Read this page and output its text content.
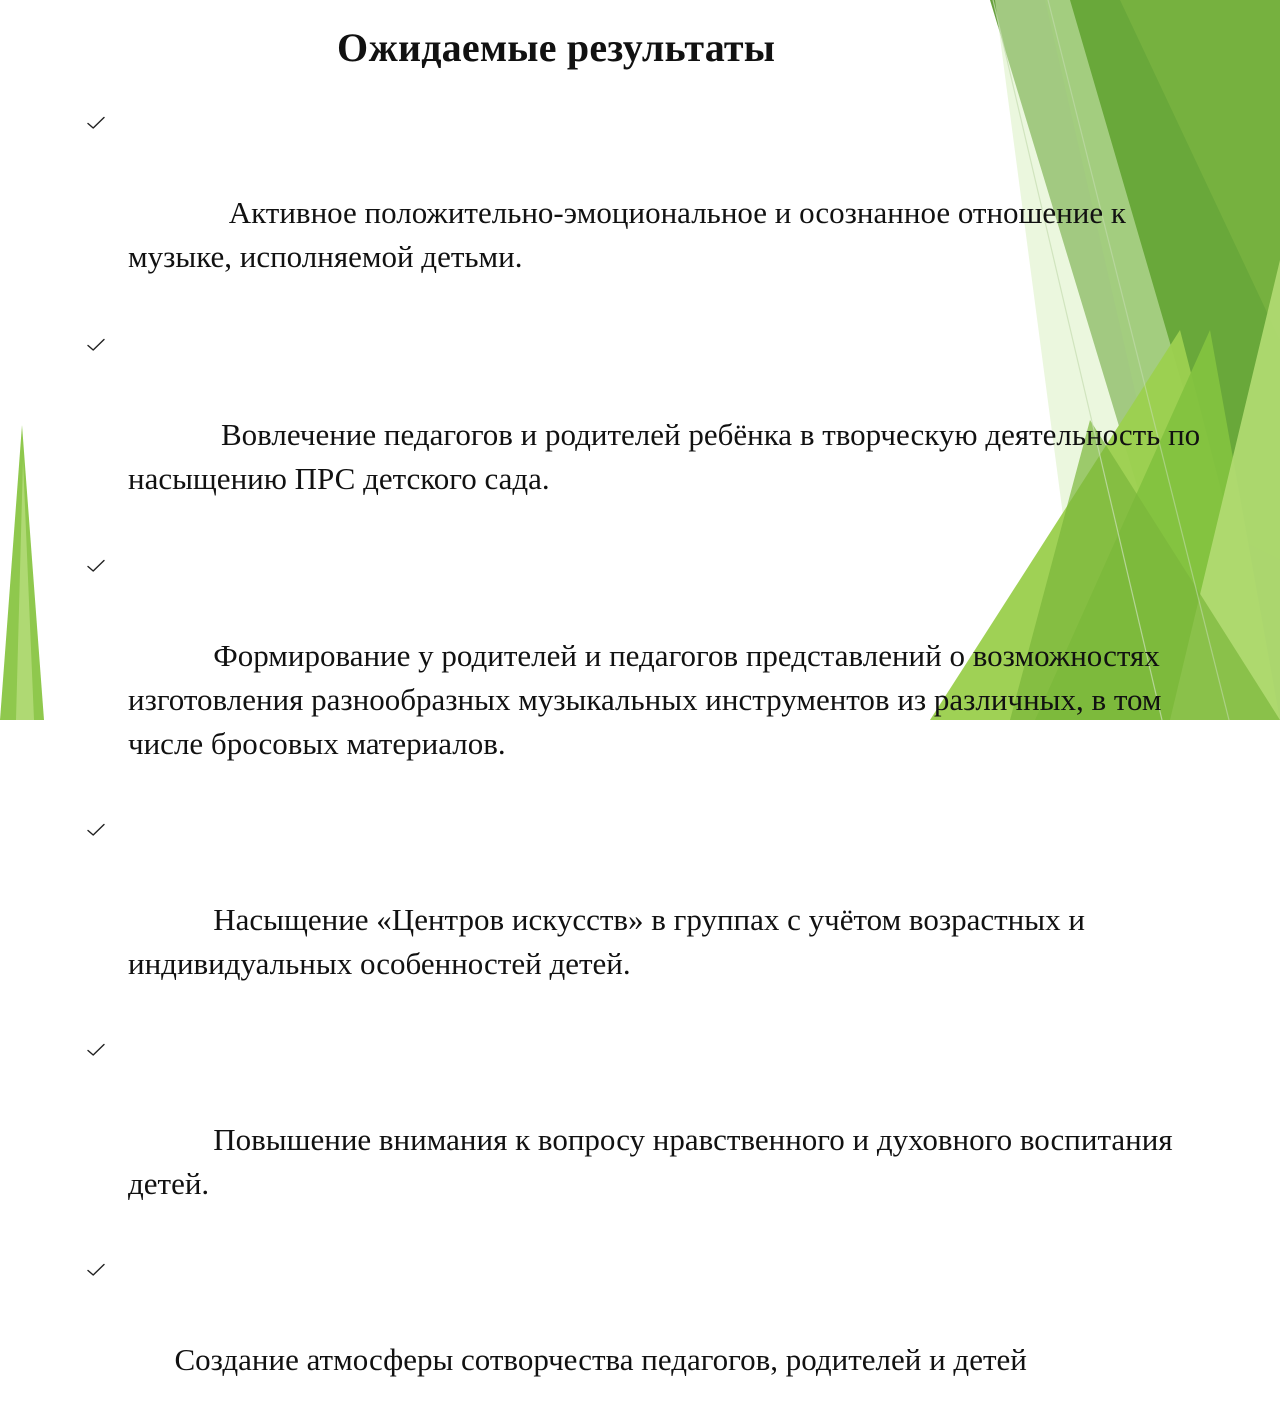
Ожидаемые результаты

Активное положительно-эмоциональное и осознанное отношение к музыке, исполняемой детьми.

Вовлечение педагогов и родителей ребёнка в творческую деятельность по насыщению ПРС детского сада.

Формирование у родителей и педагогов представлений о возможностях изготовления разнообразных музыкальных инструментов из различных, в том числе бросовых материалов.

Насыщение «Центров искусств» в группах с учётом возрастных и индивидуальных особенностей детей.

Повышение внимания к вопросу нравственного и духовного воспитания детей.

Создание атмосферы сотворчества педагогов, родителей и детей
